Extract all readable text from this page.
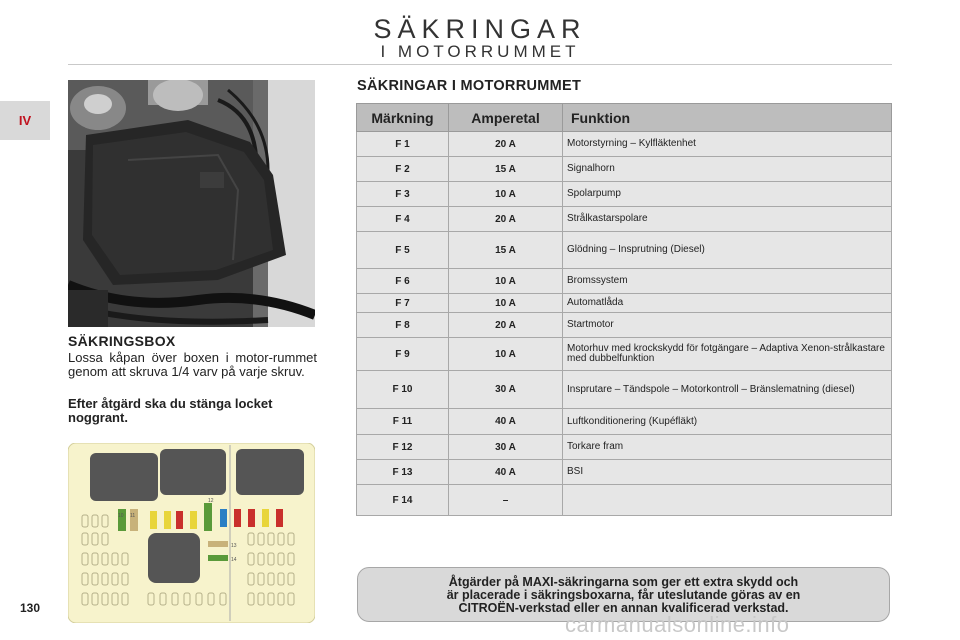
SÄKRINGAR
I MOTORRUMMET
IV
130
SÄKRINGSBOX
Lossa kåpan över boxen i motor-rummet genom att skruva 1/4 varv på varje skruv.
Efter åtgärd ska du stänga locket noggrant.
10 11
12
13
14
SÄKRINGAR I MOTORRUMMET
Märkning	Amperetal	Funktion
F 1	20 A	Motorstyrning – Kylfläktenhet
F 2	15 A	Signalhorn
F 3	10 A	Spolarpump
F 4	20 A	Strålkastarspolare
F 5	15 A	Glödning – Insprutning (Diesel)
F 6	10 A	Bromssystem
F 7	10 A	Automatlåda
F 8	20 A	Startmotor
F 9	10 A	Motorhuv med krockskydd för fotgängare – Adaptiva Xenon-strålkastare med dubbelfunktion
F 10	30 A	Insprutare – Tändspole – Motorkontroll – Bränslematning (diesel)
F 11	40 A	Luftkonditionering (Kupéfläkt)
F 12	30 A	Torkare fram
F 13	40 A	BSI
F 14	–	
Åtgärder på MAXI-säkringarna som ger ett extra skydd och
är placerade i säkringsboxarna, får uteslutande göras av en
CITROËN-verkstad eller en annan kvalificerad verkstad.
carmanualsonline.info
